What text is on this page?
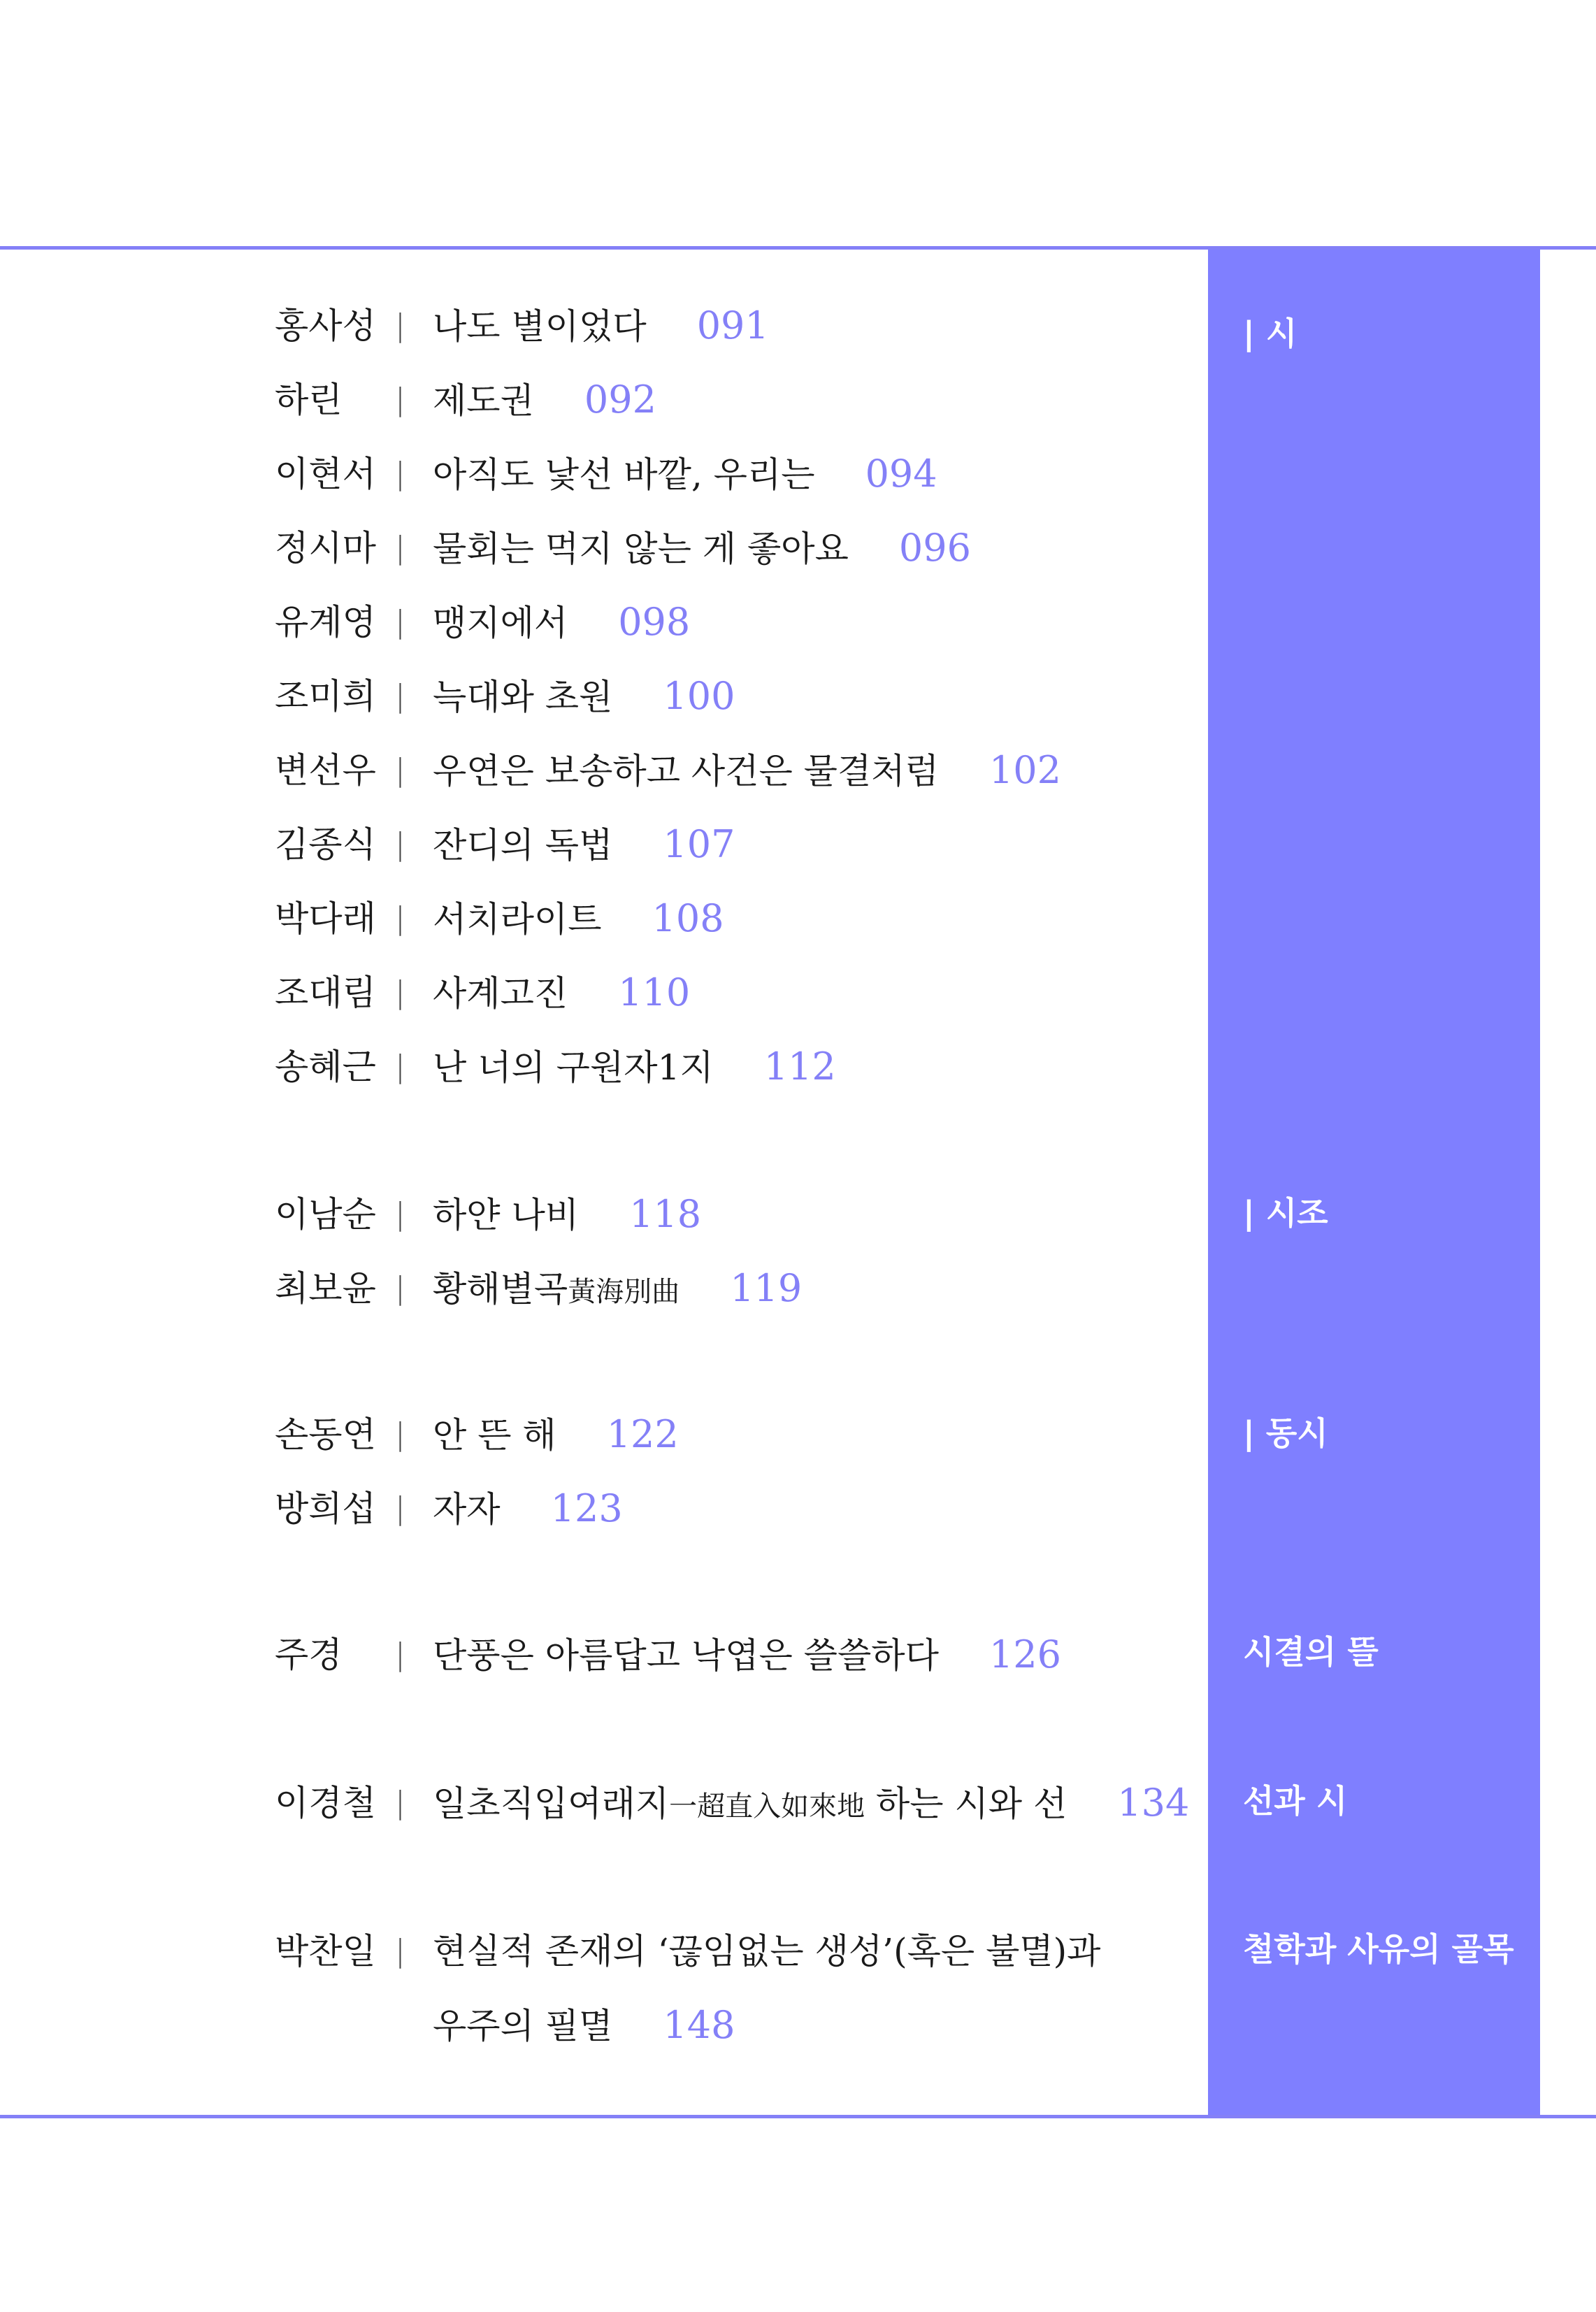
| 시
| 시조
| 동시
시결의 뜰
선과 시
철학과 사유의 골목
홍사성 | 나도 별이었다 091
하린	| 제도권 092
이현서 | 아직도 낯선 바깥, 우리는 094
정시마 | 물회는 먹지 않는 게 좋아요 096
유계영 | 맹지에서 098
조미희 | 늑대와 초원 100
변선우 | 우연은 보송하고 사건은 물결처럼 102
김종식 | 잔디의 독법 107
박다래 | 서치라이트 108
조대림 | 사계고진 110
송혜근 | 난 너의 구원자1지 112
이남순 | 하얀 나비 118
최보윤 | 황해별곡黃海別曲 119
손동연 | 안 뜬 해 122
방희섭 | 자자 123
주경	| 단풍은 아름답고 낙엽은 쓸쓸하다 126
이경철 | 일초직입여래지一超直入如來地 하는 시와 선 134
박찬일 | 현실적 존재의 ‘끊임없는 생성’(혹은 불멸)과
우주의 필멸 148
